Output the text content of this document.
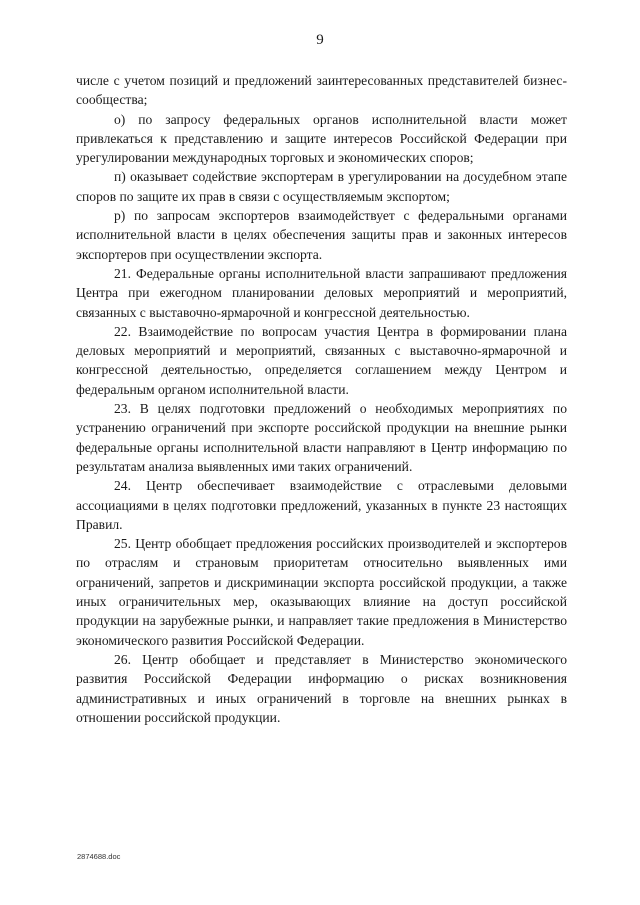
9

числе с учетом позиций и предложений заинтересованных представителей бизнес-сообщества;

о) по запросу федеральных органов исполнительной власти может привлекаться к представлению и защите интересов Российской Федерации при урегулировании международных торговых и экономических споров;

п) оказывает содействие экспортерам в урегулировании на досудебном этапе споров по защите их прав в связи с осуществляемым экспортом;

р) по запросам экспортеров взаимодействует с федеральными органами исполнительной власти в целях обеспечения защиты прав и законных интересов экспортеров при осуществлении экспорта.

21. Федеральные органы исполнительной власти запрашивают предложения Центра при ежегодном планировании деловых мероприятий и мероприятий, связанных с выставочно-ярмарочной и конгрессной деятельностью.

22. Взаимодействие по вопросам участия Центра в формировании плана деловых мероприятий и мероприятий, связанных с выставочно-ярмарочной и конгрессной деятельностью, определяется соглашением между Центром и федеральным органом исполнительной власти.

23. В целях подготовки предложений о необходимых мероприятиях по устранению ограничений при экспорте российской продукции на внешние рынки федеральные органы исполнительной власти направляют в Центр информацию по результатам анализа выявленных ими таких ограничений.

24. Центр обеспечивает взаимодействие с отраслевыми деловыми ассоциациями в целях подготовки предложений, указанных в пункте 23 настоящих Правил.

25. Центр обобщает предложения российских производителей и экспортеров по отраслям и страновым приоритетам относительно выявленных ими ограничений, запретов и дискриминации экспорта российской продукции, а также иных ограничительных мер, оказывающих влияние на доступ российской продукции на зарубежные рынки, и направляет такие предложения в Министерство экономического развития Российской Федерации.

26. Центр обобщает и представляет в Министерство экономического развития Российской Федерации информацию о рисках возникновения административных и иных ограничений в торговле на внешних рынках в отношении российской продукции.

2874688.doc
